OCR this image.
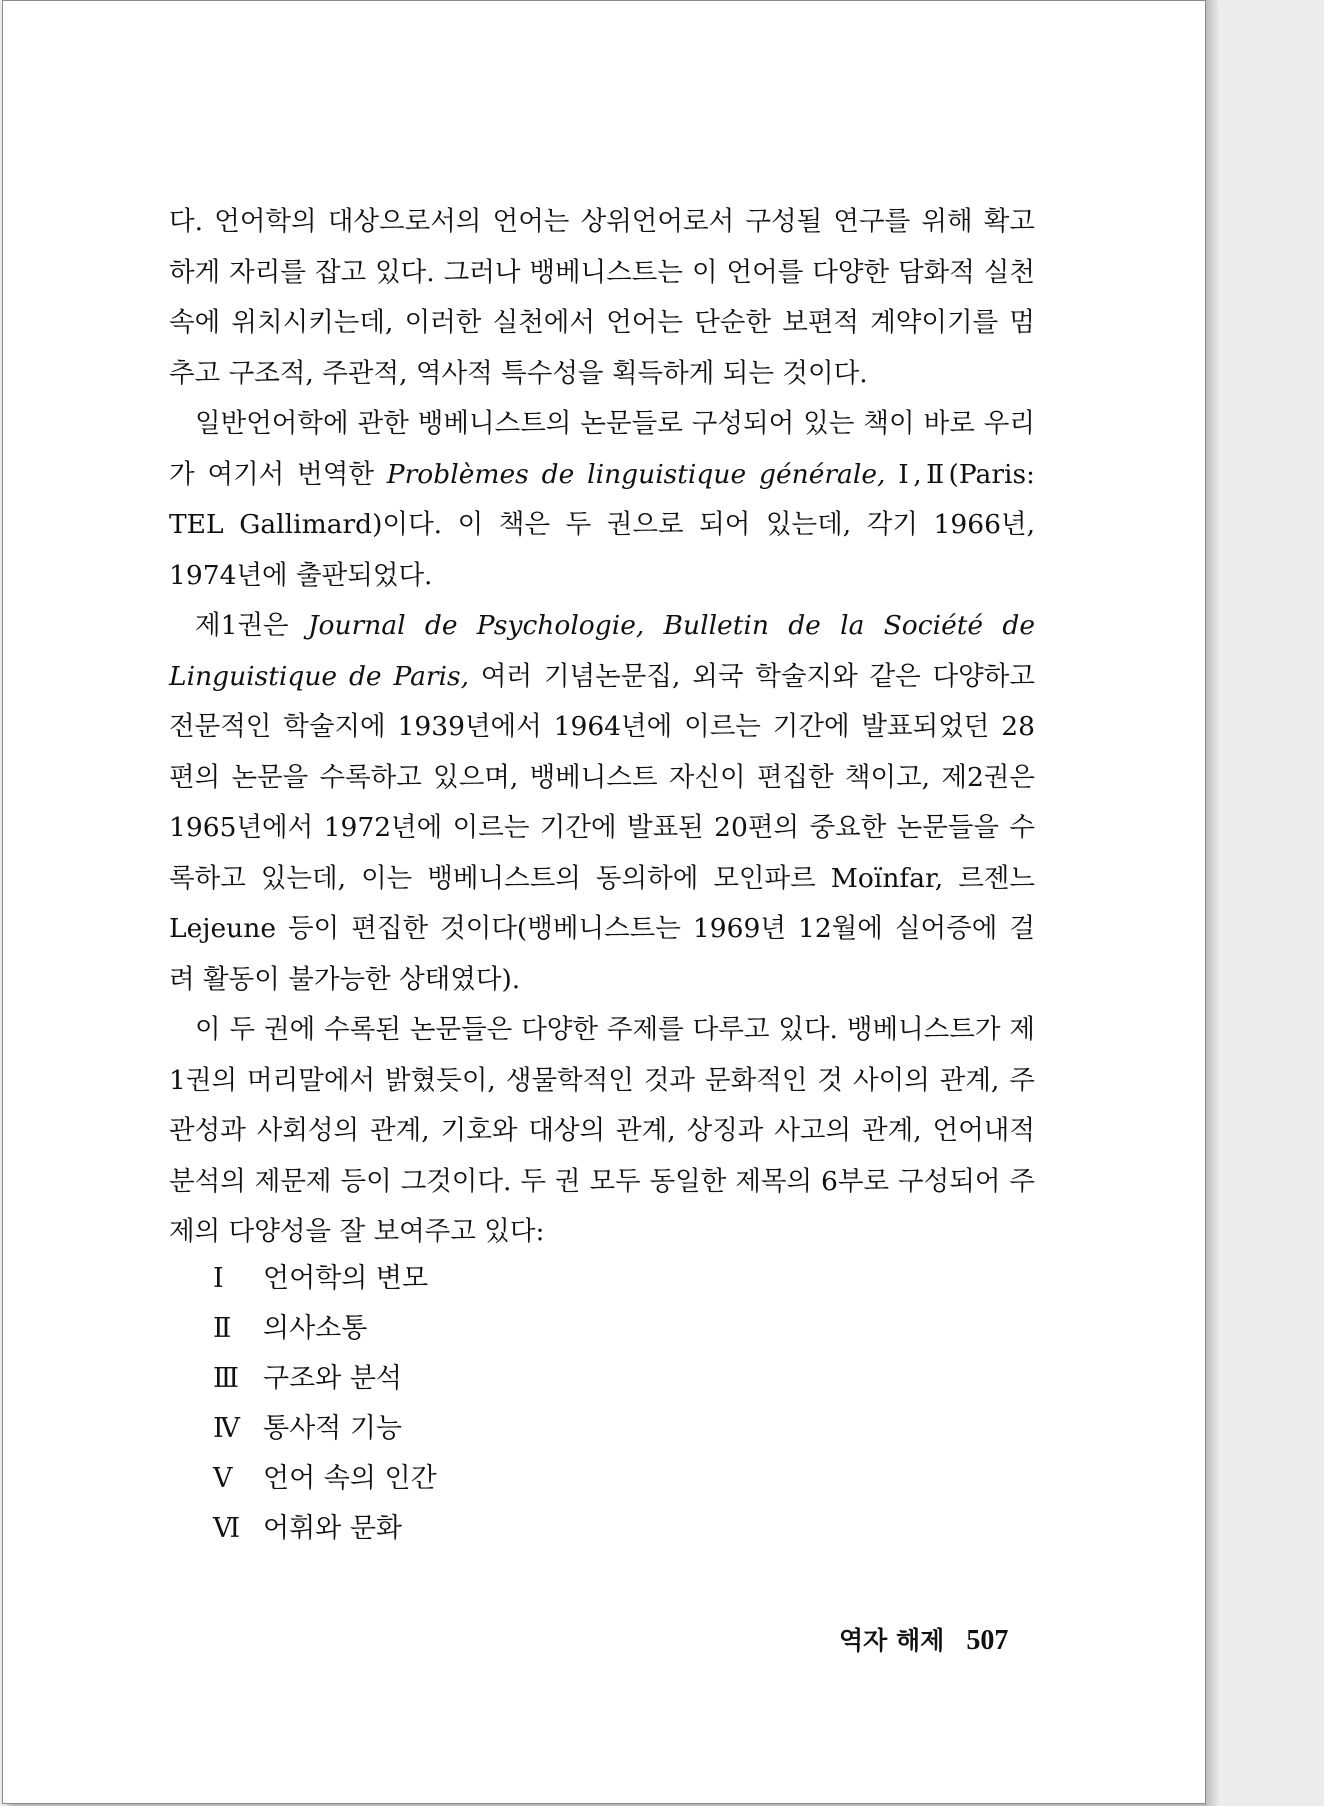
다. 언어학의 대상으로서의 언어는 상위언어로서 구성될 연구를 위해 확고하게 자리를 잡고 있다. 그러나 뱅베니스트는 이 언어를 다양한 담화적 실천 속에 위치시키는데, 이러한 실천에서 언어는 단순한 보편적 계약이기를 멈추고 구조적, 주관적, 역사적 특수성을 획득하게 되는 것이다.

일반언어학에 관한 뱅베니스트의 논문들로 구성되어 있는 책이 바로 우리가 여기서 번역한 Problèmes de linguistique générale, Ⅰ,Ⅱ(Paris: TEL Gallimard)이다. 이 책은 두 권으로 되어 있는데, 각기 1966년, 1974년에 출판되었다.

제1권은 Journal de Psychologie, Bulletin de la Société de Linguistique de Paris, 여러 기념논문집, 외국 학술지와 같은 다양하고 전문적인 학술지에 1939년에서 1964년에 이르는 기간에 발표되었던 28편의 논문을 수록하고 있으며, 뱅베니스트 자신이 편집한 책이고, 제2권은 1965년에서 1972년에 이르는 기간에 발표된 20편의 중요한 논문들을 수록하고 있는데, 이는 뱅베니스트의 동의하에 모인파르 Moïnfar, 르젠느 Lejeune 등이 편집한 것이다(뱅베니스트는 1969년 12월에 실어증에 걸려 활동이 불가능한 상태였다).

이 두 권에 수록된 논문들은 다양한 주제를 다루고 있다. 뱅베니스트가 제1권의 머리말에서 밝혔듯이, 생물학적인 것과 문화적인 것 사이의 관계, 주관성과 사회성의 관계, 기호와 대상의 관계, 상징과 사고의 관계, 언어내적 분석의 제문제 등이 그것이다. 두 권 모두 동일한 제목의 6부로 구성되어 주제의 다양성을 잘 보여주고 있다:

Ⅰ 언어학의 변모
Ⅱ 의사소통
Ⅲ 구조와 분석
Ⅳ 통사적 기능
Ⅴ 언어 속의 인간
Ⅵ 어휘와 문화
역자 해제 507
